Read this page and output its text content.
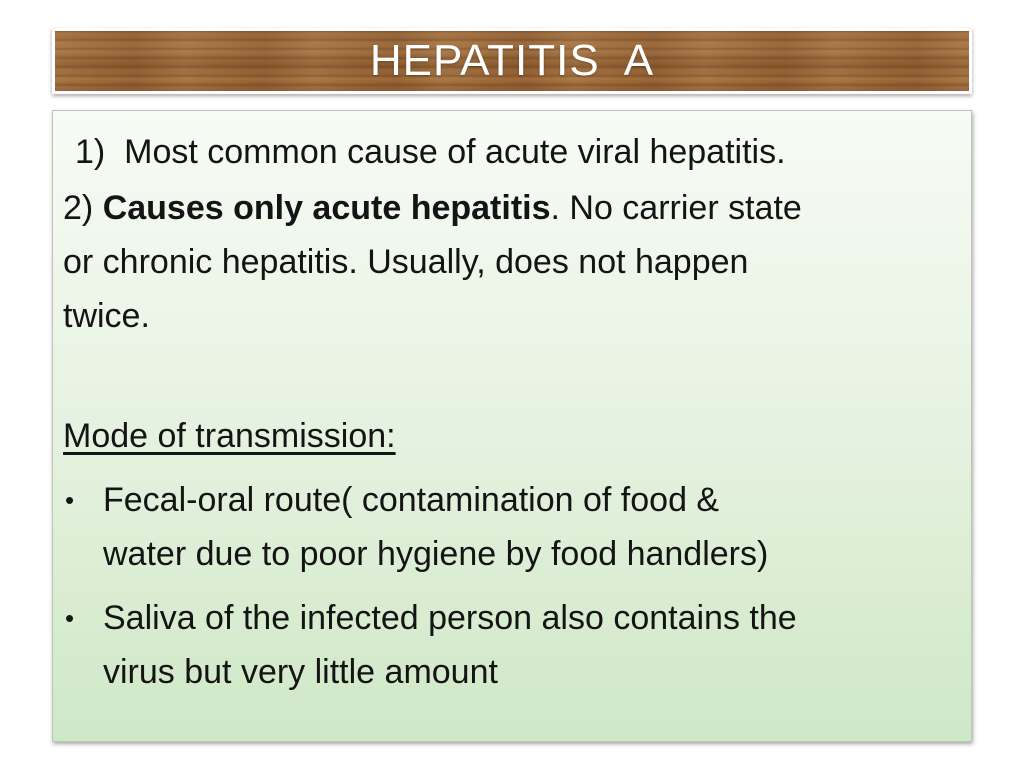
HEPATITIS  A
1) Most common cause of acute viral hepatitis.
2) Causes only acute hepatitis. No carrier state
or chronic hepatitis. Usually, does not happen
twice.
Mode of transmission:
• Fecal-oral route( contamination of food &
water due to poor hygiene by food handlers)
• Saliva of the infected person also contains the
virus but very little amount
